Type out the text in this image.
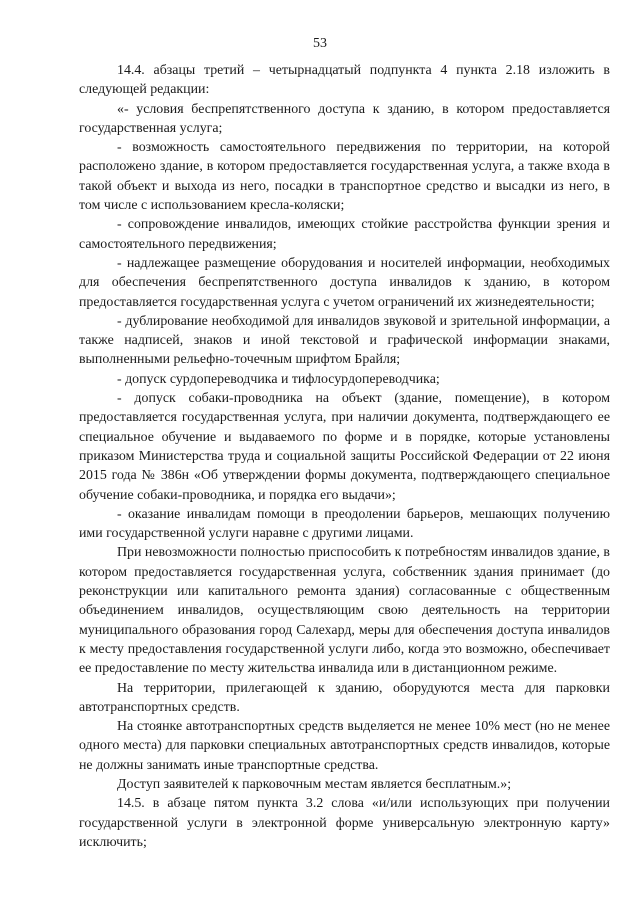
53

14.4. абзацы третий – четырнадцатый подпункта 4 пункта 2.18 изложить в следующей редакции:

«- условия беспрепятственного доступа к зданию, в котором предоставляется государственная услуга;

- возможность самостоятельного передвижения по территории, на которой расположено здание, в котором предоставляется государственная услуга, а также входа в такой объект и выхода из него, посадки в транспортное средство и высадки из него, в том числе с использованием кресла-коляски;

- сопровождение инвалидов, имеющих стойкие расстройства функции зрения и самостоятельного передвижения;

- надлежащее размещение оборудования и носителей информации, необходимых для обеспечения беспрепятственного доступа инвалидов к зданию, в котором предоставляется государственная услуга с учетом ограничений их жизнедеятельности;

- дублирование необходимой для инвалидов звуковой и зрительной информации, а также надписей, знаков и иной текстовой и графической информации знаками, выполненными рельефно-точечным шрифтом Брайля;

- допуск сурдопереводчика и тифлосурдопереводчика;

- допуск собаки-проводника на объект (здание, помещение), в котором предоставляется государственная услуга, при наличии документа, подтверждающего ее специальное обучение и выдаваемого по форме и в порядке, которые установлены приказом Министерства труда и социальной защиты Российской Федерации от 22 июня 2015 года № 386н «Об утверждении формы документа, подтверждающего специальное обучение собаки-проводника, и порядка его выдачи»;

- оказание инвалидам помощи в преодолении барьеров, мешающих получению ими государственной услуги наравне с другими лицами.

При невозможности полностью приспособить к потребностям инвалидов здание, в котором предоставляется государственная услуга, собственник здания принимает (до реконструкции или капитального ремонта здания) согласованные с общественным объединением инвалидов, осуществляющим свою деятельность на территории муниципального образования город Салехард, меры для обеспечения доступа инвалидов к месту предоставления государственной услуги либо, когда это возможно, обеспечивает ее предоставление по месту жительства инвалида или в дистанционном режиме.

На территории, прилегающей к зданию, оборудуются места для парковки автотранспортных средств.

На стоянке автотранспортных средств выделяется не менее 10% мест (но не менее одного места) для парковки специальных автотранспортных средств инвалидов, которые не должны занимать иные транспортные средства.

Доступ заявителей к парковочным местам является бесплатным.»;

14.5. в абзаце пятом пункта 3.2 слова «и/или использующих при получении государственной услуги в электронной форме универсальную электронную карту» исключить;
